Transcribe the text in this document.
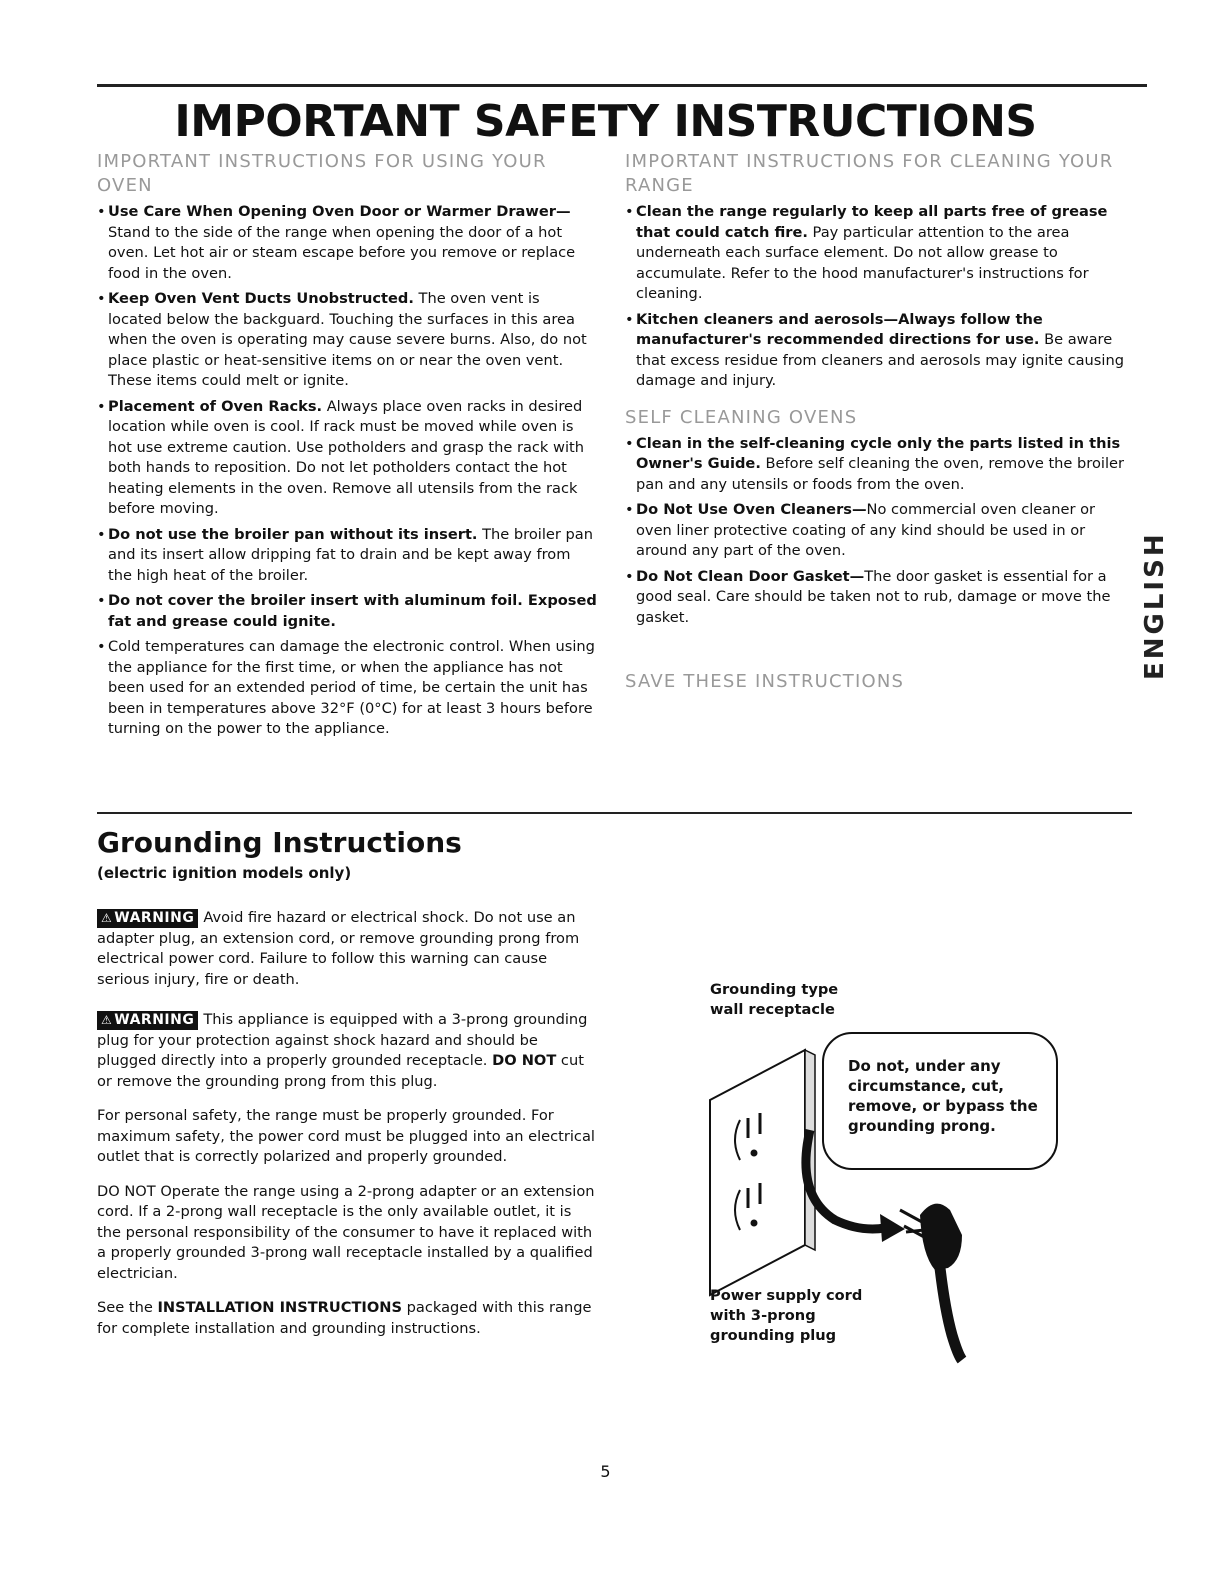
IMPORTANT SAFETY INSTRUCTIONS
IMPORTANT INSTRUCTIONS FOR USING YOUR OVEN
• Use Care When Opening Oven Door or Warmer Drawer— Stand to the side of the range when opening the door of a hot oven. Let hot air or steam escape before you remove or replace food in the oven.
• Keep Oven Vent Ducts Unobstructed. The oven vent is located below the backguard. Touching the surfaces in this area when the oven is operating may cause severe burns. Also, do not place plastic or heat-sensitive items on or near the oven vent. These items could melt or ignite.
• Placement of Oven Racks. Always place oven racks in desired location while oven is cool. If rack must be moved while oven is hot use extreme caution. Use potholders and grasp the rack with both hands to reposition. Do not let potholders contact the hot heating elements in the oven. Remove all utensils from the rack before moving.
• Do not use the broiler pan without its insert. The broiler pan and its insert allow dripping fat to drain and be kept away from the high heat of the broiler.
• Do not cover the broiler insert with aluminum foil. Exposed fat and grease could ignite.
• Cold temperatures can damage the electronic control. When using the appliance for the first time, or when the appliance has not been used for an extended period of time, be certain the unit has been in temperatures above 32°F (0°C) for at least 3 hours before turning on the power to the appliance.
IMPORTANT INSTRUCTIONS FOR CLEANING YOUR RANGE
• Clean the range regularly to keep all parts free of grease that could catch fire. Pay particular attention to the area underneath each surface element. Do not allow grease to accumulate. Refer to the hood manufacturer's instructions for cleaning.
• Kitchen cleaners and aerosols—Always follow the manufacturer's recommended directions for use. Be aware that excess residue from cleaners and aerosols may ignite causing damage and injury.
SELF CLEANING OVENS
• Clean in the self-cleaning cycle only the parts listed in this Owner's Guide. Before self cleaning the oven, remove the broiler pan and any utensils or foods from the oven.
• Do Not Use Oven Cleaners—No commercial oven cleaner or oven liner protective coating of any kind should be used in or around any part of the oven.
• Do Not Clean Door Gasket—The door gasket is essential for a good seal. Care should be taken not to rub, damage or move the gasket.
SAVE THESE INSTRUCTIONS
ENGLISH
Grounding Instructions

(electric ignition models only)

⚠ WARNING Avoid fire hazard or electrical shock. Do not use an adapter plug, an extension cord, or remove grounding prong from electrical power cord. Failure to follow this warning can cause serious injury, fire or death.

⚠ WARNING This appliance is equipped with a 3-prong grounding plug for your protection against shock hazard and should be plugged directly into a properly grounded receptacle. DO NOT cut or remove the grounding prong from this plug.

For personal safety, the range must be properly grounded. For maximum safety, the power cord must be plugged into an electrical outlet that is correctly polarized and properly grounded.

DO NOT Operate the range using a 2-prong adapter or an extension cord. If a 2-prong wall receptacle is the only available outlet, it is the personal responsibility of the consumer to have it replaced with a properly grounded 3-prong wall receptacle installed by a qualified electrician.

See the INSTALLATION INSTRUCTIONS packaged with this range for complete installation and grounding instructions.

Grounding type wall receptacle
Do not, under any circumstance, cut, remove, or bypass the grounding prong.
Power supply cord with 3-prong grounding plug
5
